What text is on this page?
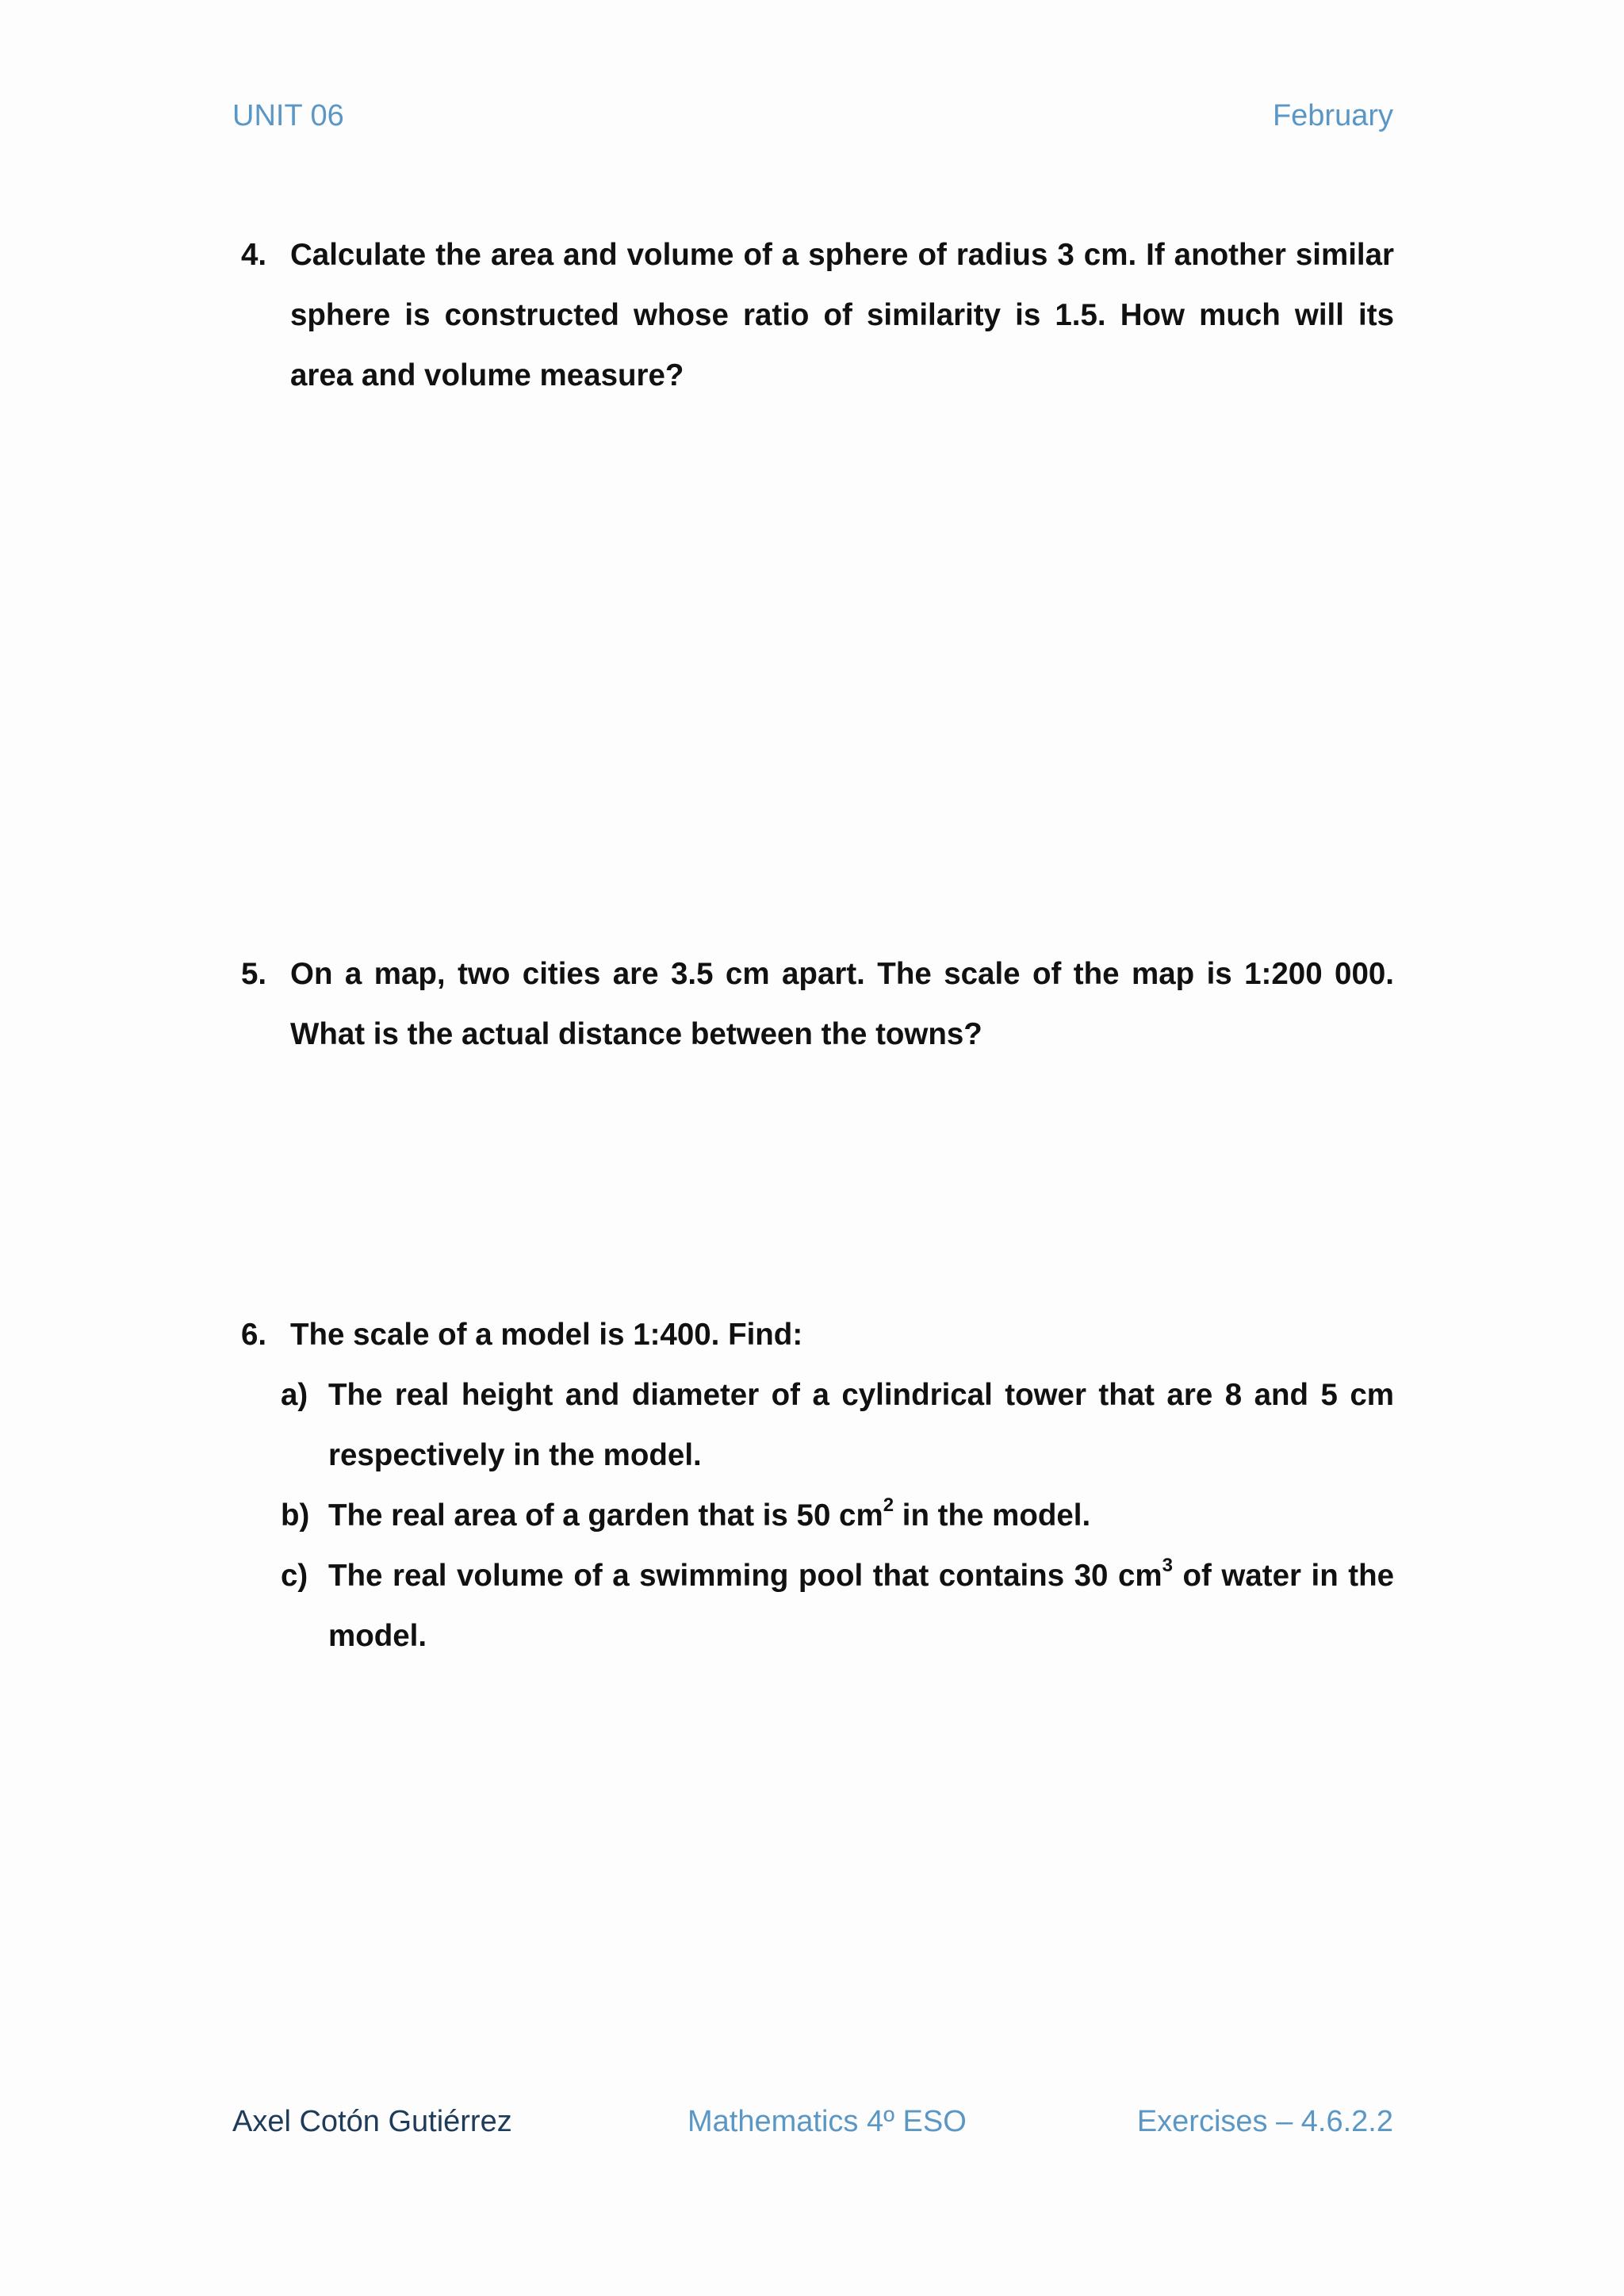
UNIT 06	February
4. Calculate the area and volume of a sphere of radius 3 cm. If another similar sphere is constructed whose ratio of similarity is 1.5. How much will its area and volume measure?
5. On a map, two cities are 3.5 cm apart. The scale of the map is 1:200 000. What is the actual distance between the towns?
6. The scale of a model is 1:400. Find:
a) The real height and diameter of a cylindrical tower that are 8 and 5 cm respectively in the model.
b) The real area of a garden that is 50 $cm^2$ in the model.
c) The real volume of a swimming pool that contains 30 $cm^3$ of water in the model.
Axel Cotón Gutiérrez	Mathematics 4º ESO	Exercises – 4.6.2.2
